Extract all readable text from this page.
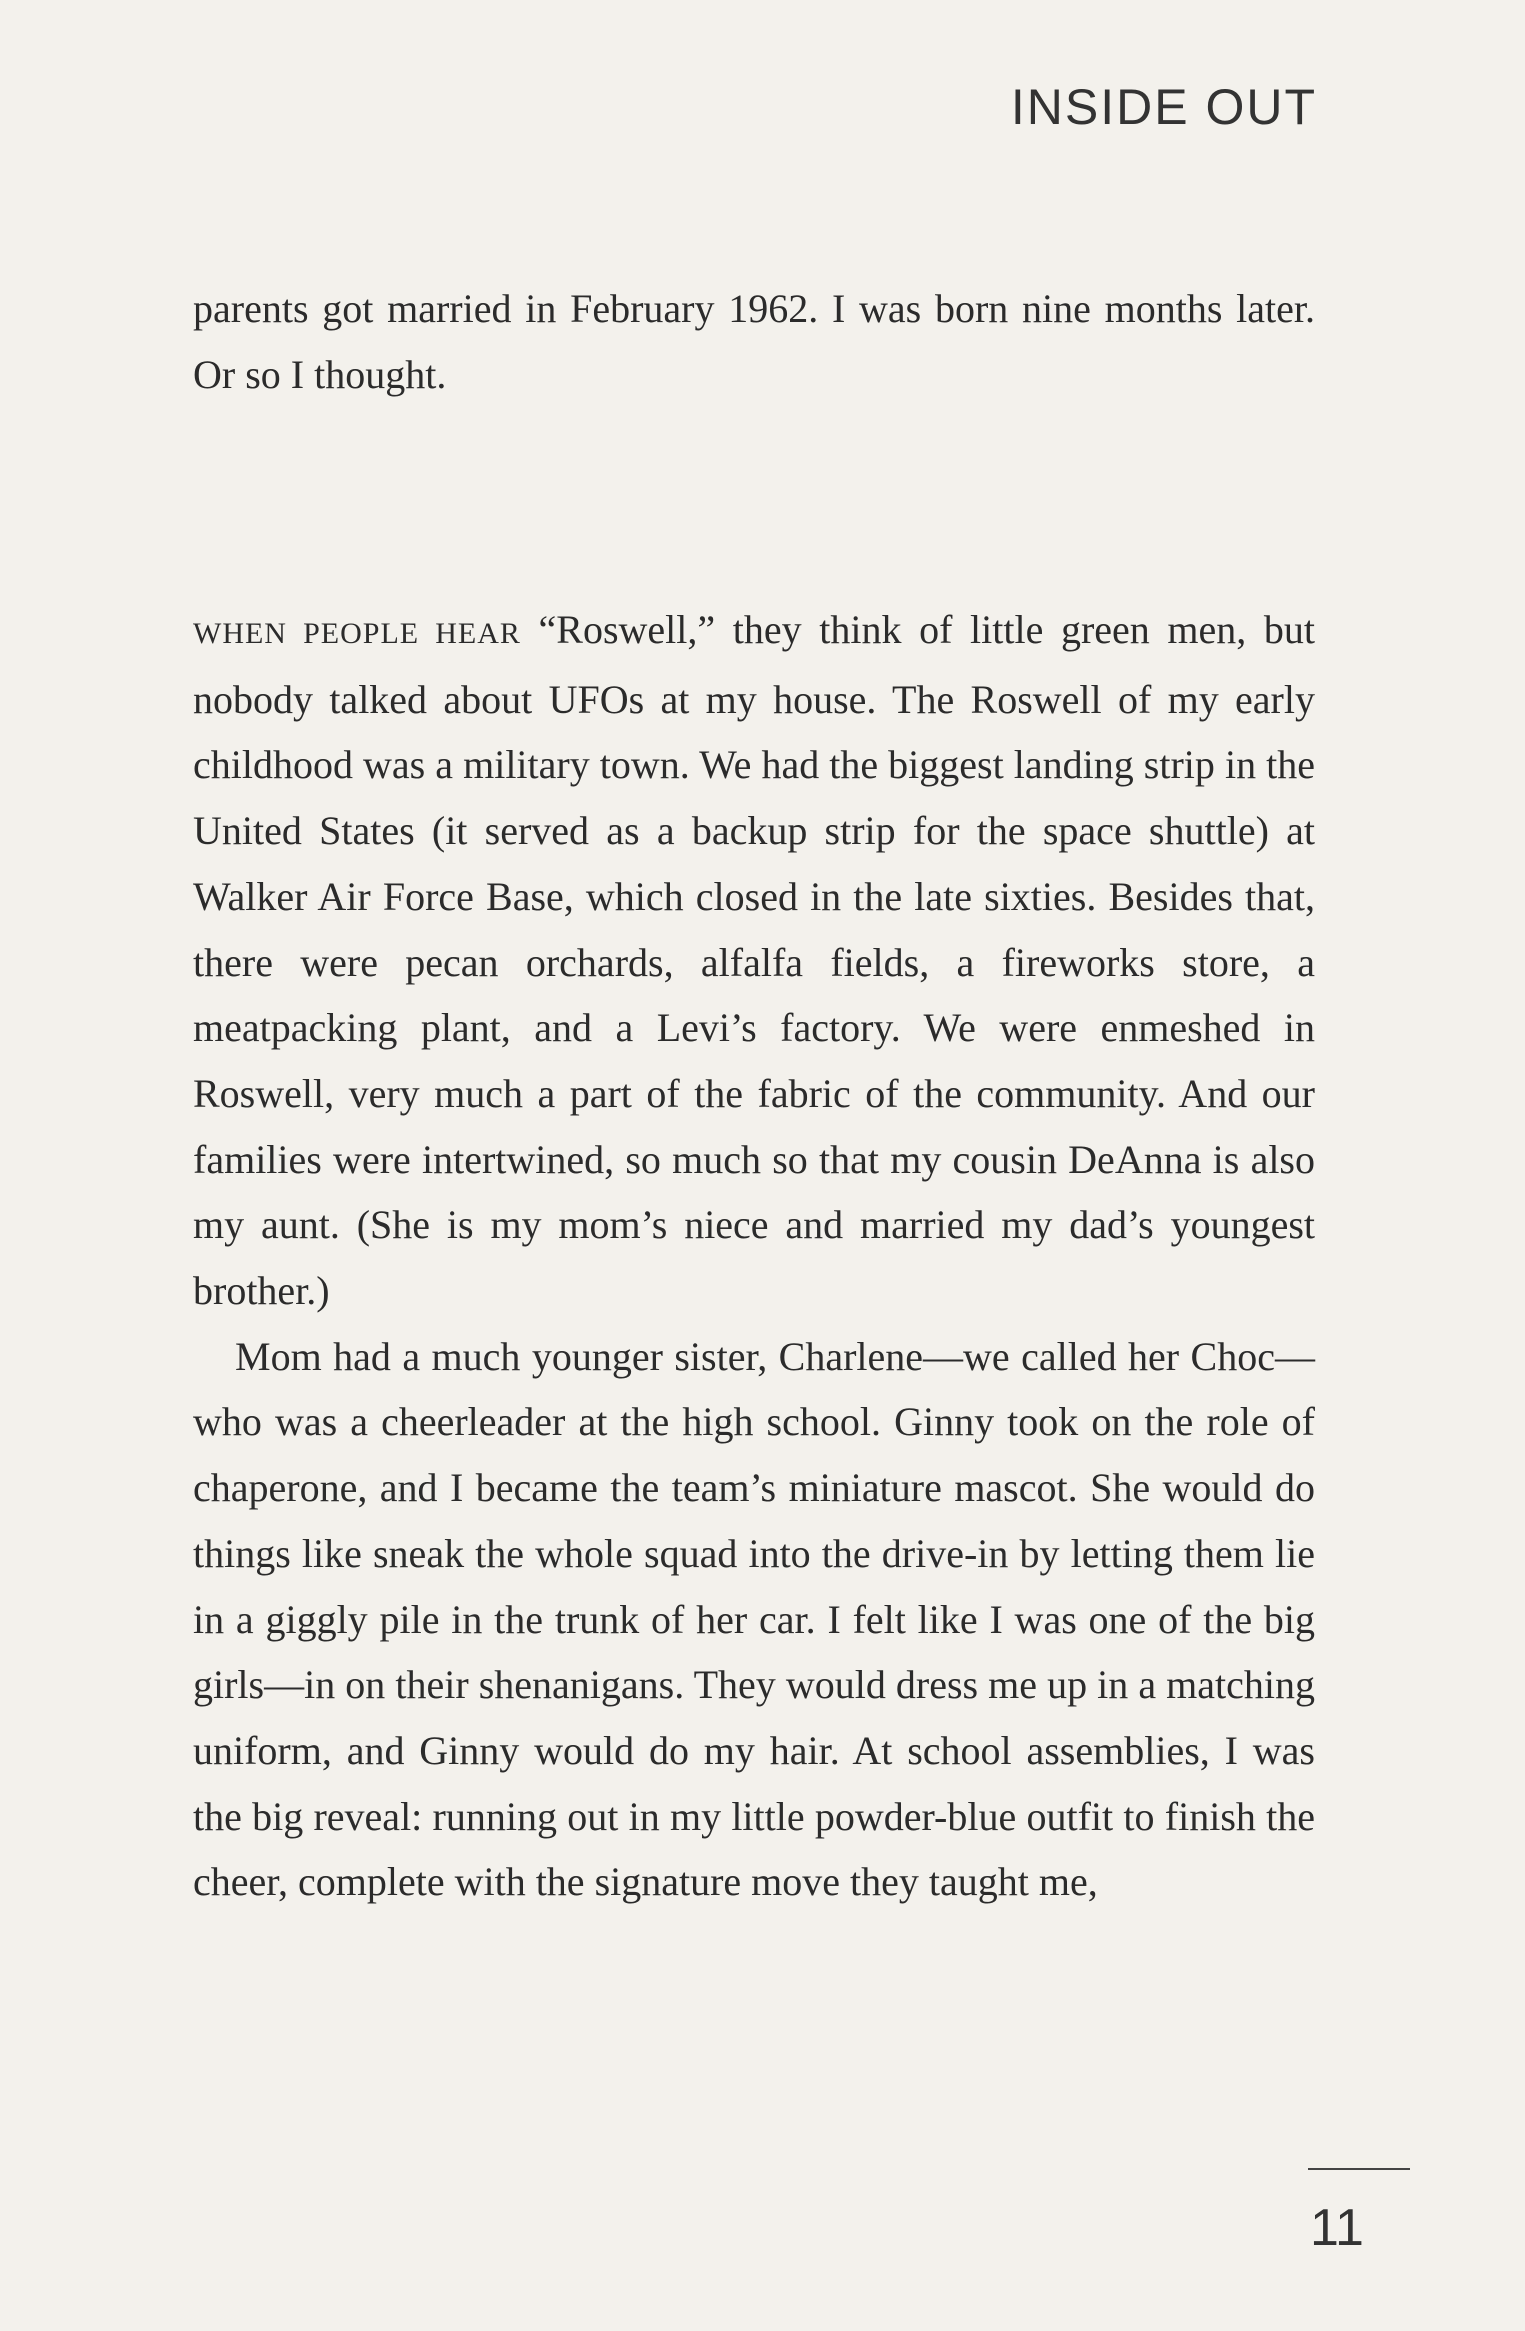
INSIDE OUT

parents got married in February 1962. I was born nine months later. Or so I thought.

WHEN PEOPLE HEAR “Roswell,” they think of little green men, but nobody talked about UFOs at my house. The Roswell of my early childhood was a military town. We had the biggest landing strip in the United States (it served as a backup strip for the space shuttle) at Walker Air Force Base, which closed in the late sixties. Besides that, there were pecan orchards, alfalfa fields, a fireworks store, a meatpacking plant, and a Levi’s factory. We were enmeshed in Roswell, very much a part of the fabric of the community. And our families were intertwined, so much so that my cousin DeAnna is also my aunt. (She is my mom’s niece and married my dad’s youngest brother.)

Mom had a much younger sister, Charlene—we called her Choc—who was a cheerleader at the high school. Ginny took on the role of chaperone, and I became the team’s miniature mascot. She would do things like sneak the whole squad into the drive-in by letting them lie in a giggly pile in the trunk of her car. I felt like I was one of the big girls—in on their shenanigans. They would dress me up in a matching uniform, and Ginny would do my hair. At school assemblies, I was the big reveal: running out in my little powder-blue outfit to finish the cheer, complete with the signature move they taught me,

11
